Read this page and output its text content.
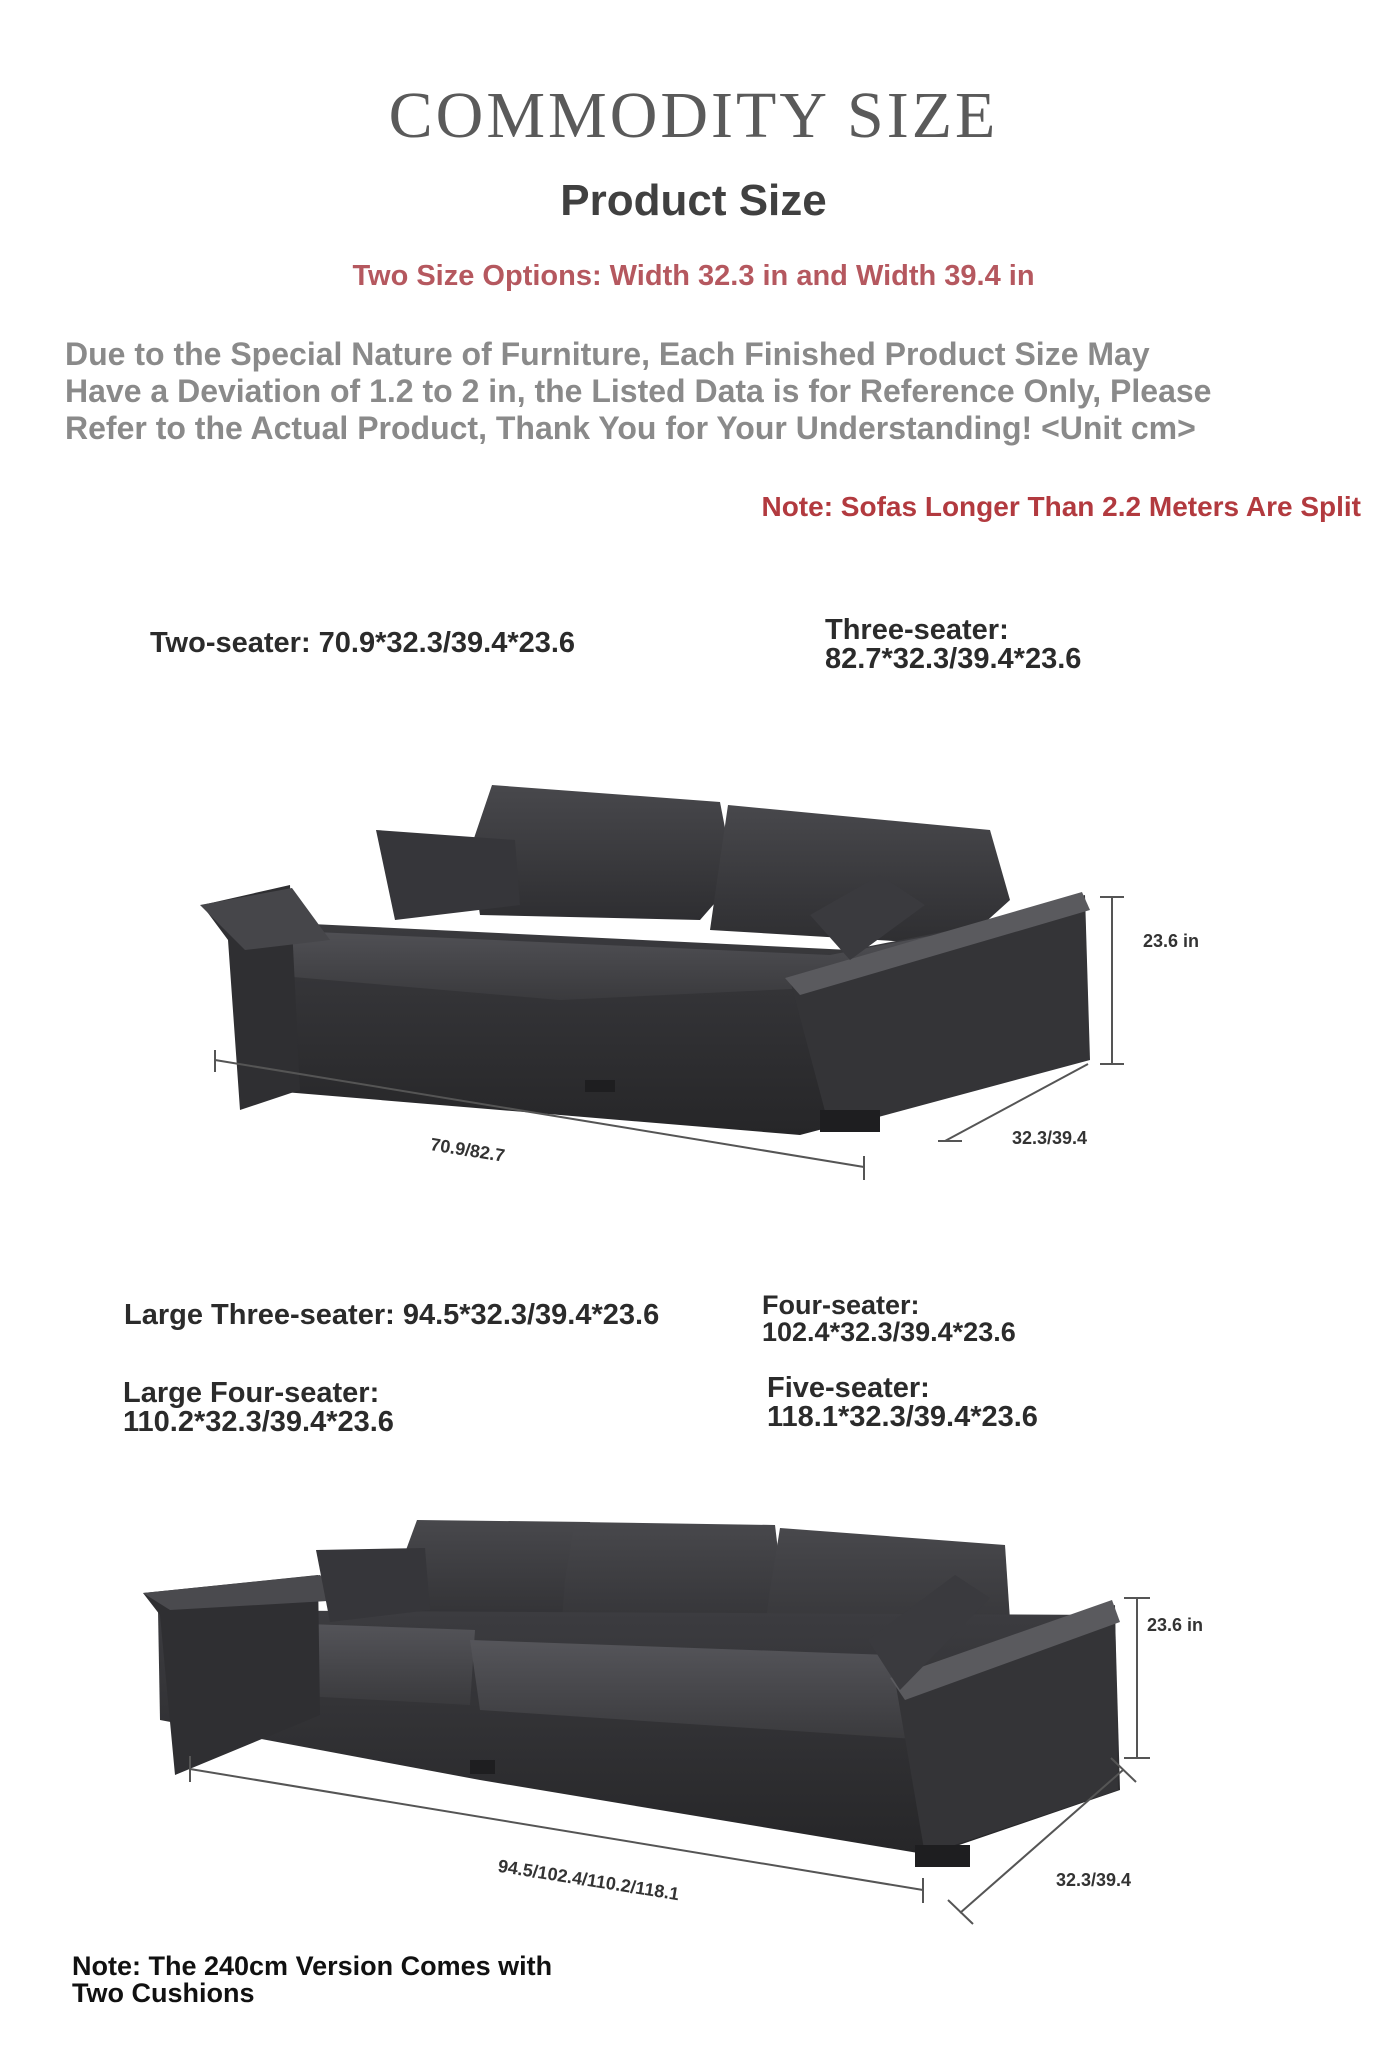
COMMODITY SIZE
Product Size
Two Size Options: Width 32.3 in and Width 39.4 in
Due to the Special Nature of Furniture, Each Finished Product Size May
Have a Deviation of 1.2 to 2 in, the Listed Data is for Reference Only, Please
Refer to the Actual Product, Thank You for Your Understanding! <Unit cm>
Note: Sofas Longer Than 2.2 Meters Are Split
Two-seater: 70.9*32.3/39.4*23.6	Three-seater:
82.7*32.3/39.4*23.6
23.6 in
70.9/82.7	32.3/39.4
Large Three-seater: 94.5*32.3/39.4*23.6	Four-seater:
102.4*32.3/39.4*23.6
Large Four-seater:
110.2*32.3/39.4*23.6
Five-seater:
118.1*32.3/39.4*23.6
23.6 in
94.5/102.4/110.2/118.1	32.3/39.4
Note: The 240cm Version Comes with
Two Cushions
